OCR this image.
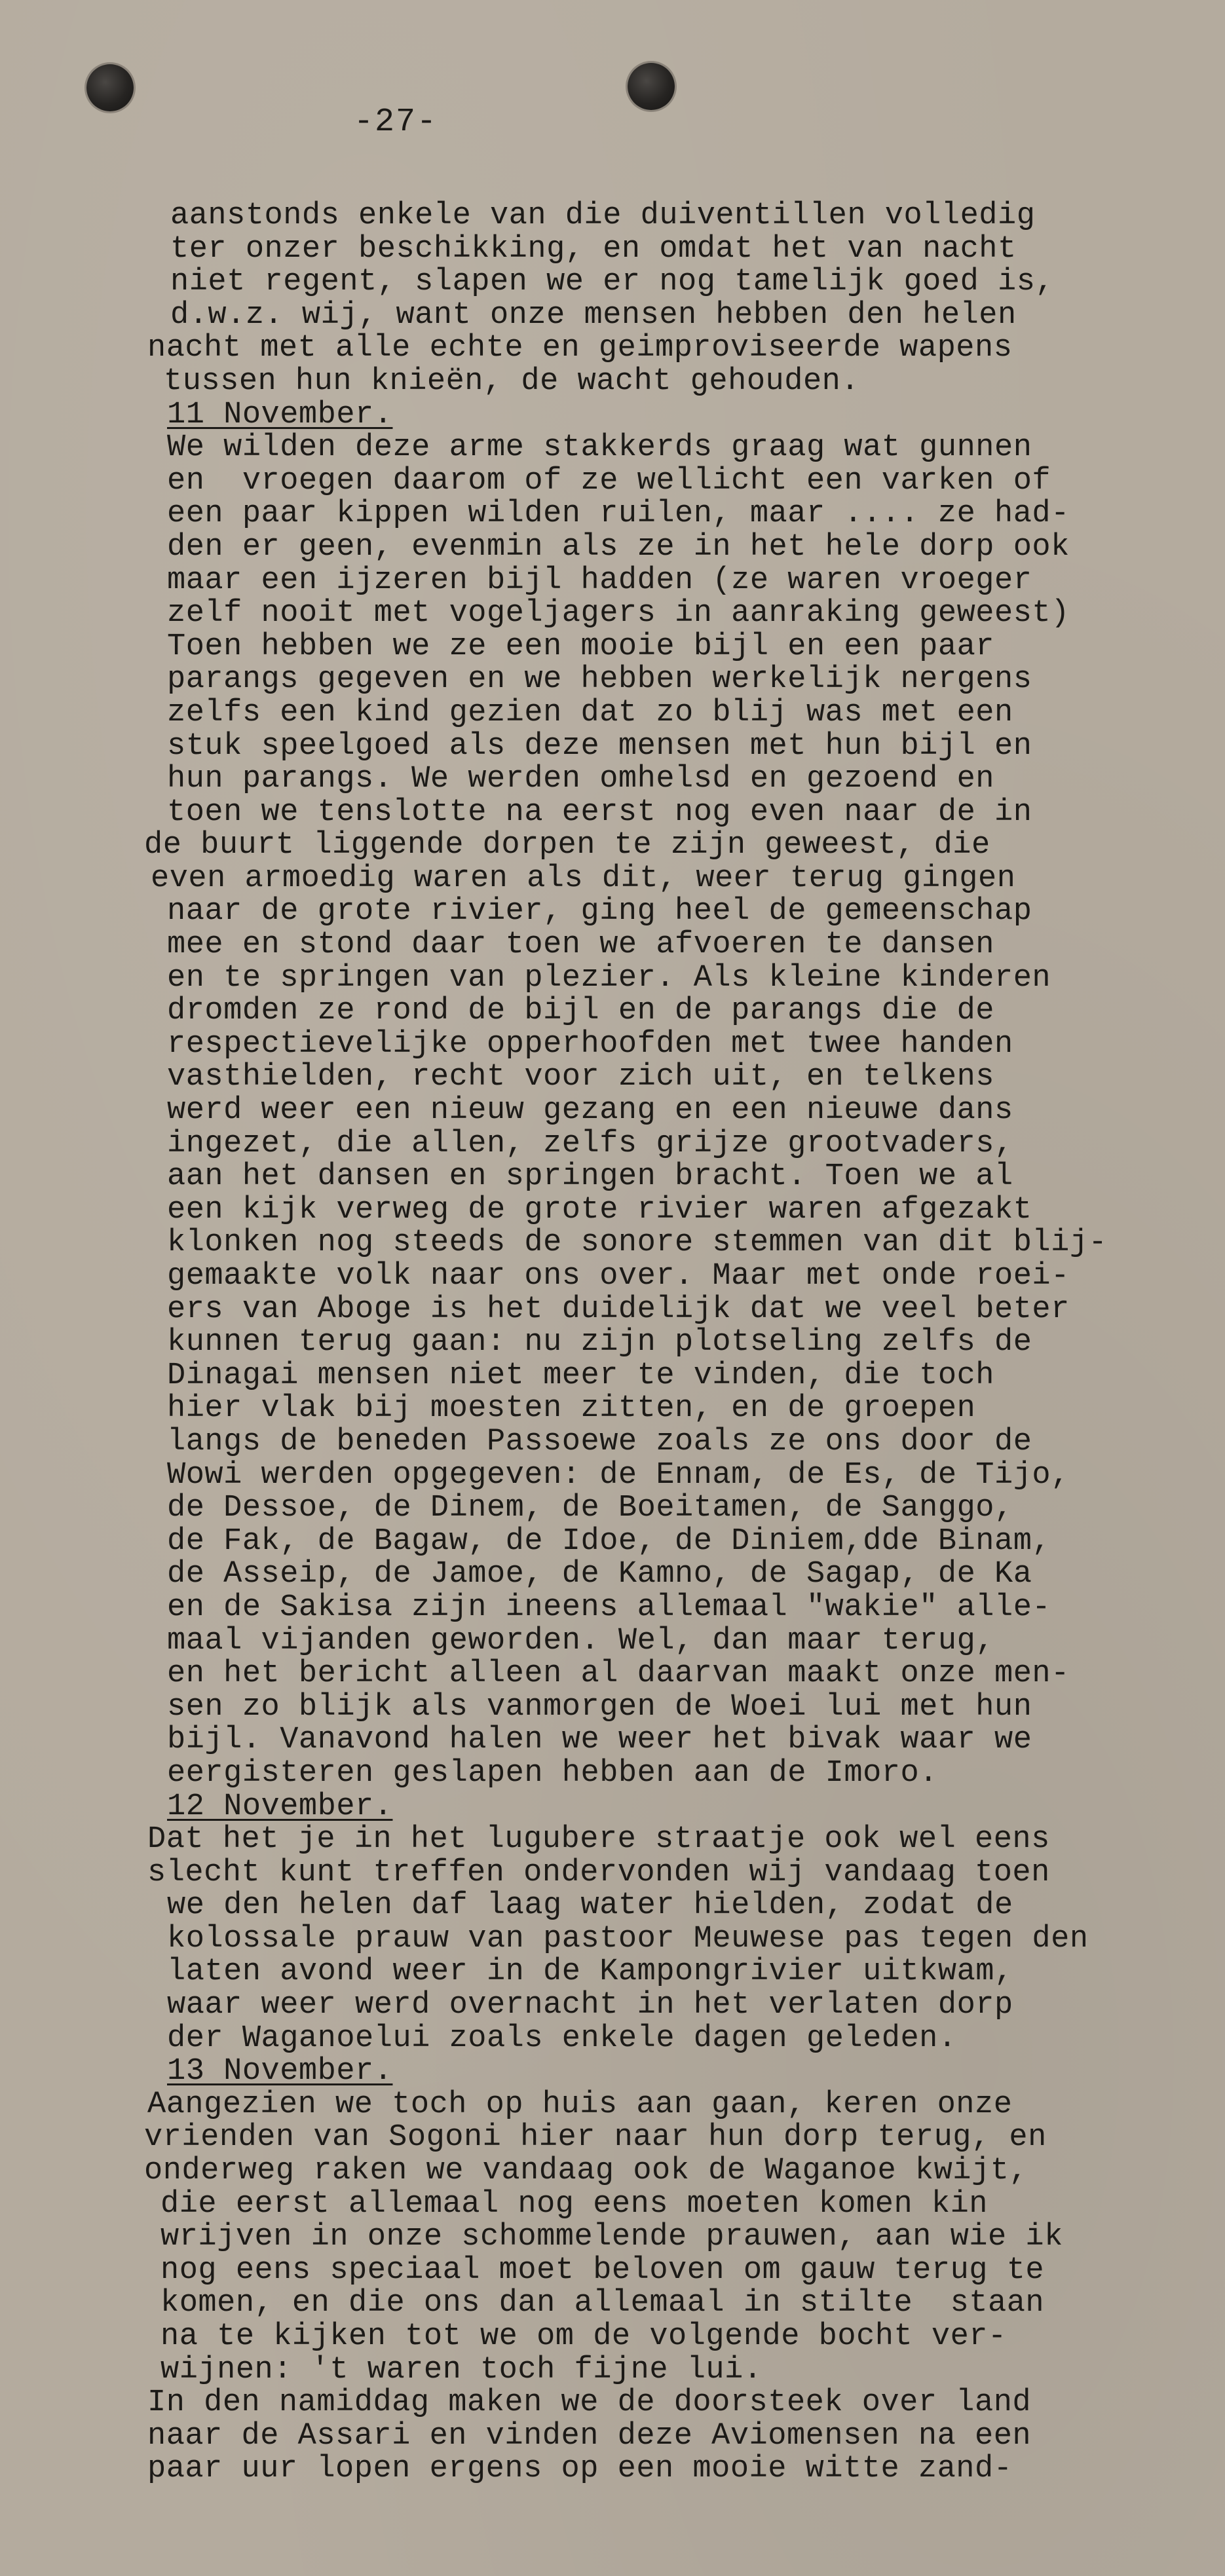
-27-
aanstonds enkele van die duiventillen volledig
ter onzer beschikking, en omdat het van nacht
niet regent, slapen we er nog tamelijk goed is,
d.w.z. wij, want onze mensen hebben den helen
nacht met alle echte en geimproviseerde wapens
tussen hun knieën, de wacht gehouden.
11 November.
We wilden deze arme stakkerds graag wat gunnen
en  vroegen daarom of ze wellicht een varken of
een paar kippen wilden ruilen, maar .... ze had-
den er geen, evenmin als ze in het hele dorp ook
maar een ijzeren bijl hadden (ze waren vroeger
zelf nooit met vogeljagers in aanraking geweest)
Toen hebben we ze een mooie bijl en een paar
parangs gegeven en we hebben werkelijk nergens
zelfs een kind gezien dat zo blij was met een
stuk speelgoed als deze mensen met hun bijl en
hun parangs. We werden omhelsd en gezoend en
toen we tenslotte na eerst nog even naar de in
de buurt liggende dorpen te zijn geweest, die
even armoedig waren als dit, weer terug gingen
naar de grote rivier, ging heel de gemeenschap
mee en stond daar toen we afvoeren te dansen
en te springen van plezier. Als kleine kinderen
dromden ze rond de bijl en de parangs die de
respectievelijke opperhoofden met twee handen
vasthielden, recht voor zich uit, en telkens
werd weer een nieuw gezang en een nieuwe dans
ingezet, die allen, zelfs grijze grootvaders,
aan het dansen en springen bracht. Toen we al
een kijk verweg de grote rivier waren afgezakt
klonken nog steeds de sonore stemmen van dit blij-
gemaakte volk naar ons over. Maar met onde roei-
ers van Aboge is het duidelijk dat we veel beter
kunnen terug gaan: nu zijn plotseling zelfs de
Dinagai mensen niet meer te vinden, die toch
hier vlak bij moesten zitten, en de groepen
langs de beneden Passoewe zoals ze ons door de
Wowi werden opgegeven: de Ennam, de Es, de Tijo,
de Dessoe, de Dinem, de Boeitamen, de Sanggo,
de Fak, de Bagaw, de Idoe, de Diniem,dde Binam,
de Asseip, de Jamoe, de Kamno, de Sagap, de Ka
en de Sakisa zijn ineens allemaal "wakie" alle-
maal vijanden geworden. Wel, dan maar terug,
en het bericht alleen al daarvan maakt onze men-
sen zo blijk als vanmorgen de Woei lui met hun
bijl. Vanavond halen we weer het bivak waar we
eergisteren geslapen hebben aan de Imoro.
12 November.
Dat het je in het lugubere straatje ook wel eens
slecht kunt treffen ondervonden wij vandaag toen
we den helen daf laag water hielden, zodat de
kolossale prauw van pastoor Meuwese pas tegen den
laten avond weer in de Kampongrivier uitkwam,
waar weer werd overnacht in het verlaten dorp
der Waganoelui zoals enkele dagen geleden.
13 November.
Aangezien we toch op huis aan gaan, keren onze
vrienden van Sogoni hier naar hun dorp terug, en
onderweg raken we vandaag ook de Waganoe kwijt,
die eerst allemaal nog eens moeten komen kin
wrijven in onze schommelende prauwen, aan wie ik
nog eens speciaal moet beloven om gauw terug te
komen, en die ons dan allemaal in stilte  staan
na te kijken tot we om de volgende bocht ver-
wijnen: 't waren toch fijne lui.
In den namiddag maken we de doorsteek over land
naar de Assari en vinden deze Aviomensen na een
paar uur lopen ergens op een mooie witte zand-
